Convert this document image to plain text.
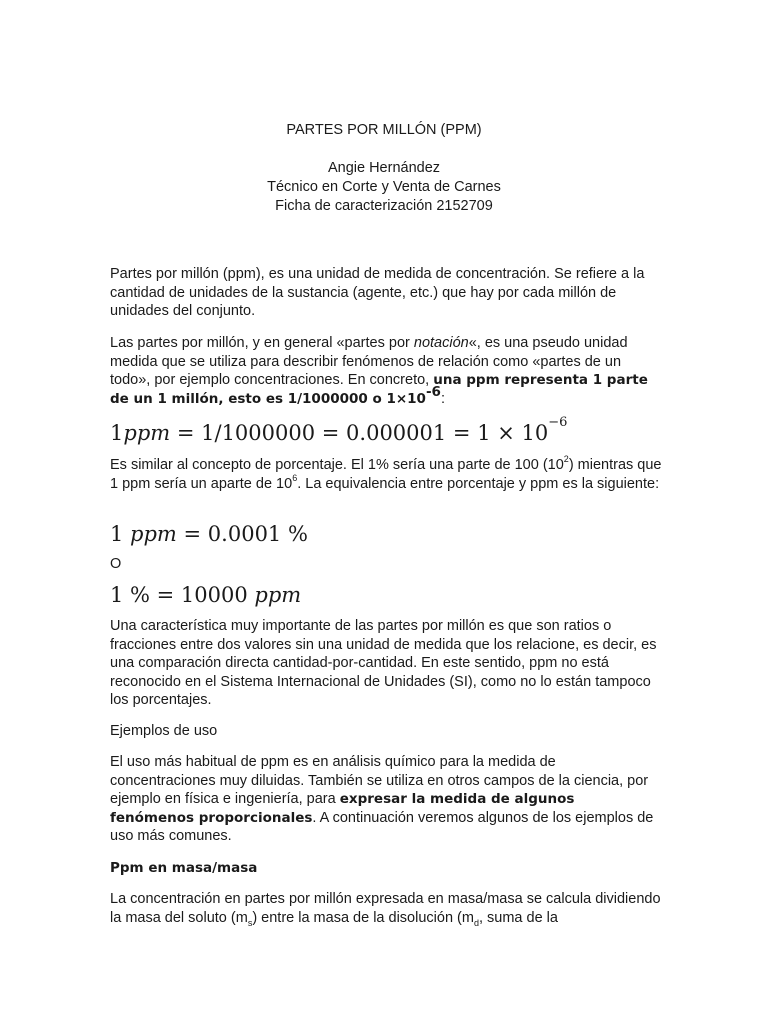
PARTES POR MILLÓN (PPM)
Angie Hernández
Técnico en Corte y Venta de Carnes
Ficha de caracterización 2152709

Partes por millón (ppm), es una unidad de medida de concentración. Se refiere a la cantidad de unidades de la sustancia (agente, etc.) que hay por cada millón de unidades del conjunto.

Las partes por millón, y en general «partes por notación«, es una pseudo unidad medida que se utiliza para describir fenómenos de relación como «partes de un todo», por ejemplo concentraciones. En concreto, una ppm representa 1 parte de un 1 millón, esto es 1/1000000 o $1\times 10^{-6}$:

$1ppm = 1/1000000 = 0.000001 = 1 \times 10^{-6}$

Es similar al concepto de porcentaje. El 1% sería una parte de 100 $(10^2)$ mientras que 1 ppm sería un aparte de $10^6$. La equivalencia entre porcentaje y ppm es la siguiente:

1 ppm = 0.0001 %

O

1 % = 10000 ppm

Una característica muy importante de las partes por millón es que son ratios o fracciones entre dos valores sin una unidad de medida que los relacione, es decir, es una comparación directa cantidad-por-cantidad. En este sentido, ppm no está reconocido en el Sistema Internacional de Unidades (SI), como no lo están tampoco los porcentajes.

Ejemplos de uso

El uso más habitual de ppm es en análisis químico para la medida de concentraciones muy diluidas. También se utiliza en otros campos de la ciencia, por ejemplo en física e ingeniería, para expresar la medida de algunos fenómenos proporcionales. A continuación veremos algunos de los ejemplos de uso más comunes.

Ppm en masa/masa

La concentración en partes por millón expresada en masa/masa se calcula dividiendo la masa del soluto $(m_s)$ entre la masa de la disolución ($m_d$, suma de la
